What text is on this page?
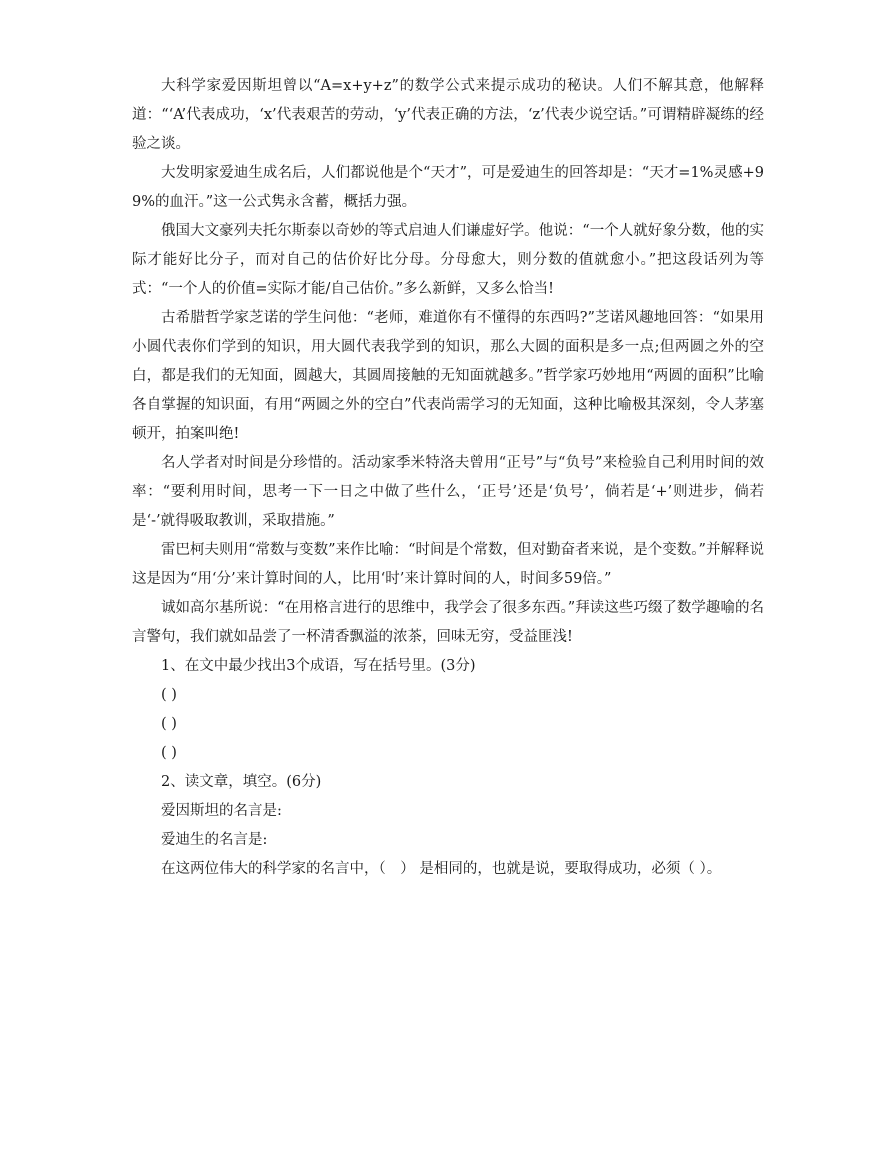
大科学家爱因斯坦曾以“A=x+y+z”的数学公式来提示成功的秘诀。人们不解其意，他解释道：“‘A’代表成功，‘x’代表艰苦的劳动，‘y’代表正确的方法，‘z’代表少说空话。”可谓精辟凝练的经验之谈。

大发明家爱迪生成名后，人们都说他是个“天才”，可是爱迪生的回答却是：“天才=1%灵感+99%的血汗。”这一公式隽永含蓄，概括力强。

俄国大文豪列夫托尔斯泰以奇妙的等式启迪人们谦虚好学。他说：“一个人就好象分数，他的实际才能好比分子，而对自己的估价好比分母。分母愈大，则分数的值就愈小。”把这段话列为等式：“一个人的价值=实际才能/自己估价。”多么新鲜，又多么恰当!

古希腊哲学家芝诺的学生问他：“老师，难道你有不懂得的东西吗?”芝诺风趣地回答：“如果用小圆代表你们学到的知识，用大圆代表我学到的知识，那么大圆的面积是多一点;但两圆之外的空白，都是我们的无知面，圆越大，其圆周接触的无知面就越多。”哲学家巧妙地用“两圆的面积”比喻各自掌握的知识面，有用“两圆之外的空白”代表尚需学习的无知面，这种比喻极其深刻，令人茅塞顿开，拍案叫绝!

名人学者对时间是分珍惜的。活动家季米特洛夫曾用“正号”与“负号”来检验自己利用时间的效率：“要利用时间，思考一下一日之中做了些什么，‘正号’还是‘负号’，倘若是‘+’则进步，倘若是‘-’就得吸取教训，采取措施。”

雷巴柯夫则用“常数与变数”来作比喻：“时间是个常数，但对勤奋者来说，是个变数。”并解释说这是因为“用‘分’来计算时间的人，比用‘时’来计算时间的人，时间多59倍。”

诚如高尔基所说：“在用格言进行的思维中，我学会了很多东西。”拜读这些巧缀了数学趣喻的名言警句，我们就如品尝了一杯清香飘溢的浓茶，回味无穷，受益匪浅!

1、在文中最少找出3个成语，写在括号里。(3分)

( )

( )

( )

2、读文章，填空。(6分)

爱因斯坦的名言是:

爱迪生的名言是:

在这两位伟大的科学家的名言中，（　） 是相同的，也就是说，要取得成功，必须（ ）。
